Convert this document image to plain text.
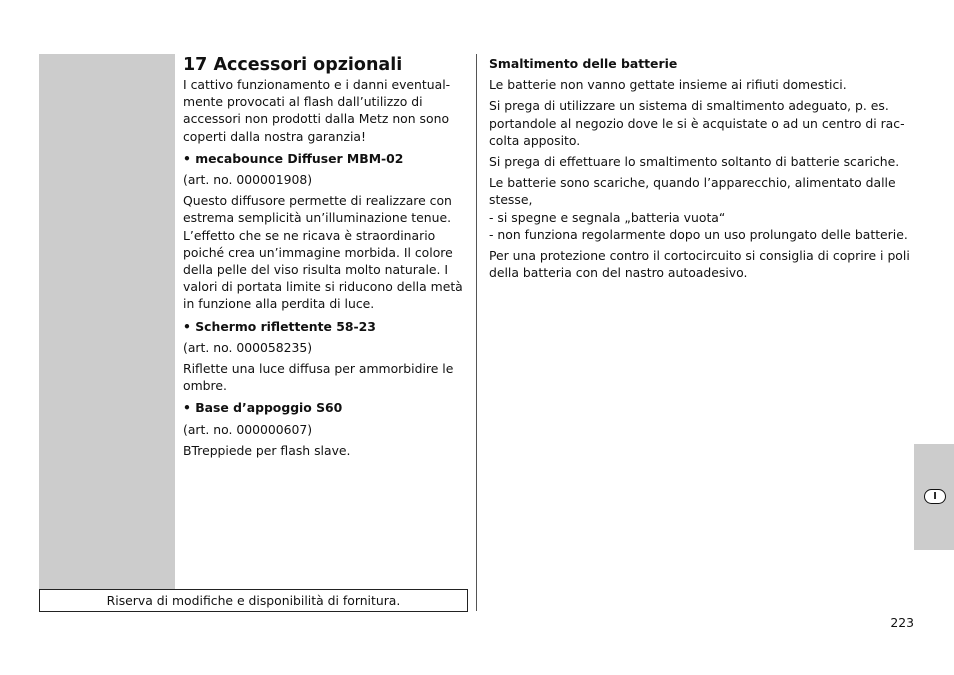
17 Accessori opzionali

I cattivo funzionamento e i danni eventual-mente provocati al flash dall’utilizzo di accessori non prodotti dalla Metz non sono coperti dalla nostra garanzia!

• mecabounce Diffuser MBM-02

(art. no. 000001908)

Questo diffusore permette di realizzare con estrema semplicità un’illuminazione tenue. L’effetto che se ne ricava è straordinario poiché crea un’immagine morbida. Il colore della pelle del viso risulta molto naturale. I valori di portata limite si riducono della metà in funzione alla perdita di luce.

• Schermo riflettente 58-23

(art. no. 000058235)

Riflette una luce diffusa per ammorbidire le ombre.

• Base d’appoggio S60

(art. no. 000000607)

BTreppiede per flash slave.

Smaltimento delle batterie

Le batterie non vanno gettate insieme ai rifiuti domestici.

Si prega di utilizzare un sistema di smaltimento adeguato, p. es. portandole al negozio dove le si è acquistate o ad un centro di rac-colta apposito.

Si prega di effettuare lo smaltimento soltanto di batterie scariche.

Le batterie sono scariche, quando l’apparecchio, alimentato dalle stesse,

- si spegne e segnala „batteria vuota“

- non funziona regolarmente dopo un uso prolungato delle batterie.

Per una protezione contro il cortocircuito si consiglia di coprire i poli della batteria con del nastro autoadesivo.

Riserva di modifiche e disponibilità di fornitura.
I
223
